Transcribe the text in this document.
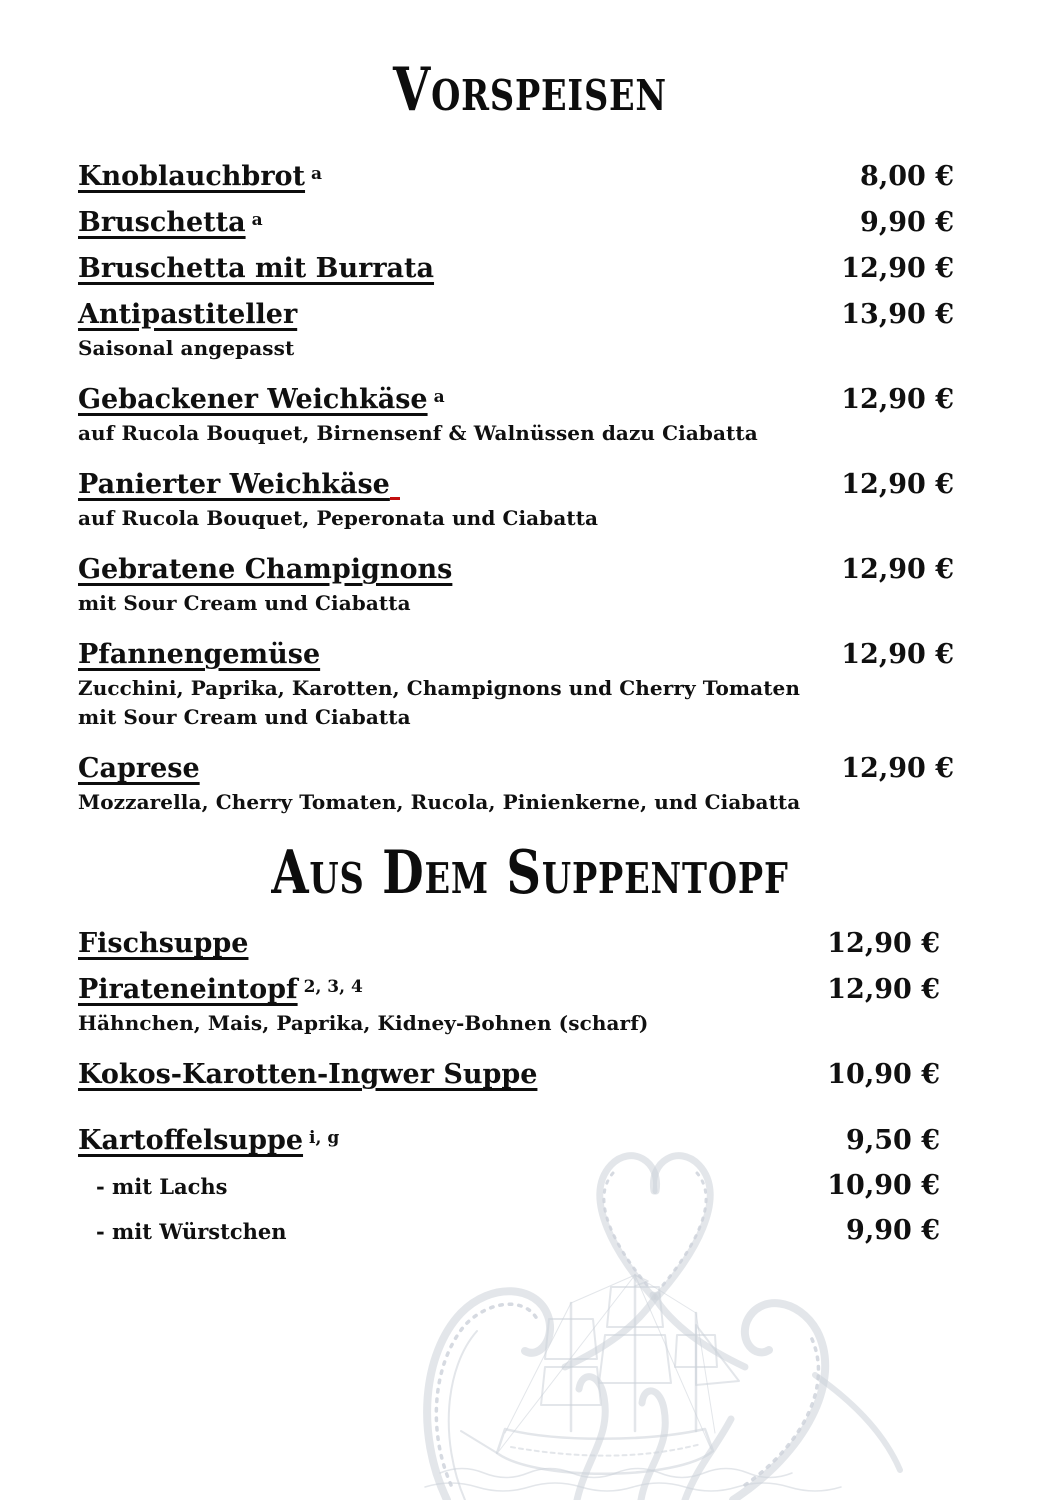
Vorspeisen
Knoblauchbrot $^a$	8,00 €
Bruschetta $^a$	9,90 €
Bruschetta mit Burrata	12,90 €
Antipastiteller	13,90 €
Saisonal angepasst
Gebackener Weichkäse $^a$	12,90 €
auf Rucola Bouquet, Birnensenf & Walnüssen dazu Ciabatta
Panierter Weichkäse	12,90 €
auf Rucola Bouquet, Peperonata und Ciabatta
Gebratene Champignons	12,90 €
mit Sour Cream und Ciabatta
Pfannengemüse	12,90 €
Zucchini, Paprika, Karotten, Champignons und Cherry Tomaten
mit Sour Cream und Ciabatta
Caprese	12,90 €
Mozzarella, Cherry Tomaten, Rucola, Pinienkerne, und Ciabatta
Aus Dem Suppentopf
Fischsuppe	12,90 €
Pirateneintopf $^{2, 3, 4}$	12,90 €
Hähnchen, Mais, Paprika, Kidney-Bohnen (scharf)
Kokos-Karotten-Ingwer Suppe	10,90 €
Kartoffelsuppe $^{i, g}$	9,50 €
- mit Lachs	10,90 €
- mit Würstchen	9,90 €
